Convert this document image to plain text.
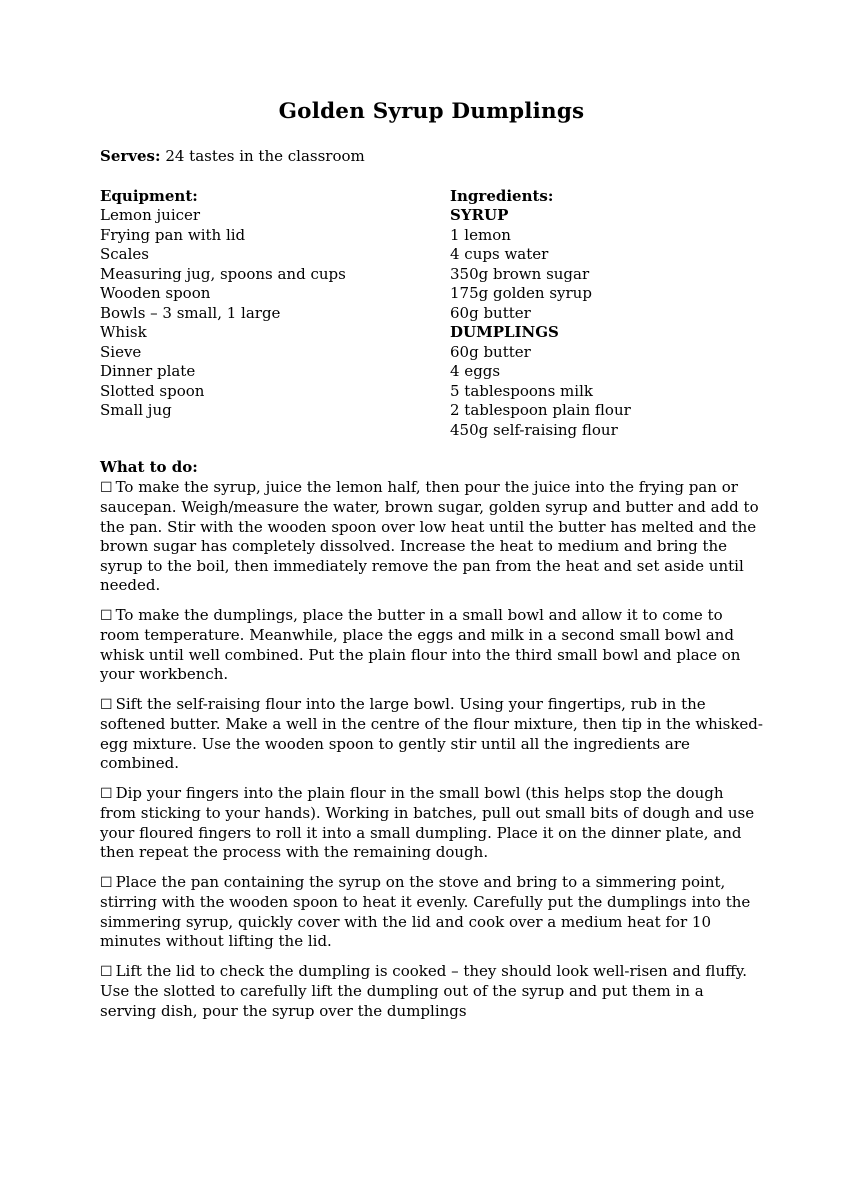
Golden Syrup Dumplings

Serves: 24 tastes in the classroom

Equipment:

Lemon juicer

Frying pan with lid

Scales

Measuring jug, spoons and cups

Wooden spoon

Bowls – 3 small, 1 large

Whisk

Sieve

Dinner plate

Slotted spoon

Small jug

Ingredients:

SYRUP

1 lemon

4 cups water

350g brown sugar

175g golden syrup

60g butter

DUMPLINGS

60g butter

4 eggs

5 tablespoons milk

2 tablespoon plain flour

450g self-raising flour

What to do:

☐ To make the syrup, juice the lemon half, then pour the juice into the frying pan or saucepan. Weigh/measure the water, brown sugar, golden syrup and butter and add to the pan. Stir with the wooden spoon over low heat until the butter has melted and the brown sugar has completely dissolved. Increase the heat to medium and bring the syrup to the boil, then immediately remove the pan from the heat and set aside until needed.

☐ To make the dumplings, place the butter in a small bowl and allow it to come to room temperature. Meanwhile, place the eggs and milk in a second small bowl and whisk until well combined. Put the plain flour into the third small bowl and place on your workbench.

☐ Sift the self-raising flour into the large bowl. Using your fingertips, rub in the softened butter. Make a well in the centre of the flour mixture, then tip in the whisked-egg mixture. Use the wooden spoon to gently stir until all the ingredients are combined.

☐ Dip your fingers into the plain flour in the small bowl (this helps stop the dough from sticking to your hands). Working in batches, pull out small bits of dough and use your floured fingers to roll it into a small dumpling. Place it on the dinner plate, and then repeat the process with the remaining dough.

☐ Place the pan containing the syrup on the stove and bring to a simmering point, stirring with the wooden spoon to heat it evenly. Carefully put the dumplings into the simmering syrup, quickly cover with the lid and cook over a medium heat for 10 minutes without lifting the lid.

☐ Lift the lid to check the dumpling is cooked – they should look well-risen and fluffy. Use the slotted to carefully lift the dumpling out of the syrup and put them in a serving dish, pour the syrup over the dumplings
